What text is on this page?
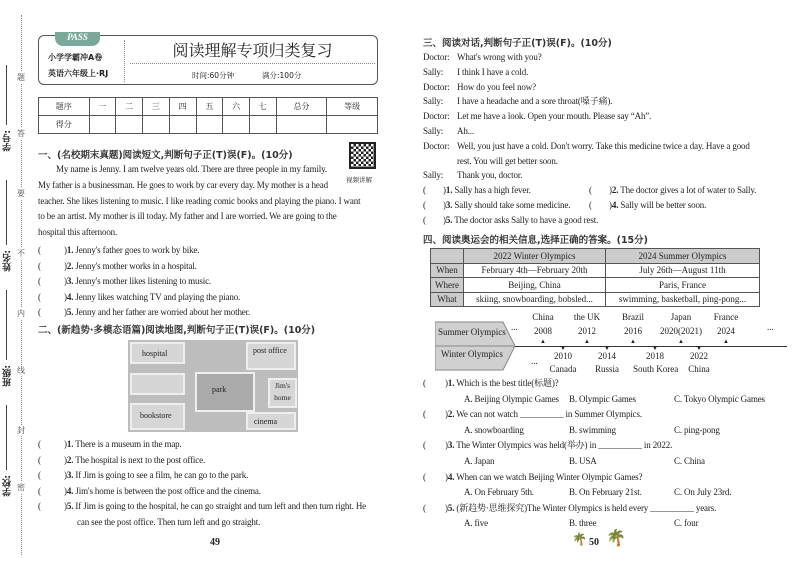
题
答
要
不
内
线
封
密
学号:
姓名:
班级:
学校:
PASS
小学学霸冲A卷
英语六年级上·RJ
阅读理解专项归类复习
时间:60分钟	满分:100分
题序	一	二	三	四	五	六	七	总分	等级
得分									
视频讲解
一、(名校期末真题)阅读短文,判断句子正(T)误(F)。(10分)
My name is Jenny. I am twelve years old. There are three people in my family.
My father is a businessman. He goes to work by car every day. My mother is a head
teacher. She likes listening to music. I like reading comic books and playing the piano. I want
to be an artist. My mother is ill today. My father and I are worried. We are going to the
hospital this afternoon.
(	)1. Jenny's father goes to work by bike.
(	)2. Jenny's mother works in a hospital.
(	)3. Jenny's mother likes listening to music.
(	)4. Jenny likes watching TV and playing the piano.
(	)5. Jenny and her father are worried about her mother.
二、(新趋势·多模态语篇)阅读地图,判断句子正(T)误(F)。(10分)
hospital	post office
park	Jim's
home
bookstore
cinema
(	)1. There is a museum in the map.
(	)2. The hospital is next to the post office.
(	)3. If Jim is going to see a film, he can go to the park.
(	)4. Jim's home is between the post office and the cinema.
(	)5. If Jim is going to the hospital, he can go straight and turn left and then turn right. He
can see the post office. Then turn left and go straight.
49
三、阅读对话,判断句子正(T)误(F)。(10分)
Doctor: What's wrong with you?
Sally: I think I have a cold.
Doctor: How do you feel now?
Sally: I have a headache and a sore throat(嗓子痛).
Doctor: Let me have a look. Open your mouth. Please say “Ah”.
Sally: Ah...
Doctor: Well, you just have a cold. Don't worry. Take this medicine twice a day. Have a good
rest. You will get better soon.
Sally: Thank you, doctor.
( )1. Sally has a high fever.	( )2. The doctor gives a lot of water to Sally.
( )3. Sally should take some medicine. ( )4. Sally will be better soon.
( )5. The doctor asks Sally to have a good rest.
四、阅读奥运会的相关信息,选择正确的答案。(15分)
	2022 Winter Olympics	2024 Summer Olympics
When	February 4th—February 20th	July 26th—August 11th
Where	Beijing, China	Paris, France
What	skiing, snowboarding, bobsled...	swimming, basketball, ping-pong...
Summer Olympics
Winter Olympics
...	...
...
China
2008
▲
the UK
2012
▲
Brazil
2016
▲
Japan
2020(2021)
▲
France
2024
▲
▼
2010
Canada
▼
2014
Russia
▼
2018
South Korea
▼
2022
China
( )1. Which is the best title(标题)?
A. Beijing Olympic Games B. Olympic Games	C. Tokyo Olympic Games
( )2. We can not watch __________ in Summer Olympics.
A. snowboarding	B. swimming	C. ping-pong
( )3. The Winter Olympics was held(举办) in __________ in 2022.
A. Japan	B. USA	C. China
( )4. When can we watch Beijing Winter Olympic Games?
A. On February 5th.	B. On February 21st.	C. On July 23rd.
( )5. (新趋势·思维探究)The Winter Olympics is held every __________ years.
A. five	B. three	C. four
🌴 50 🌴
